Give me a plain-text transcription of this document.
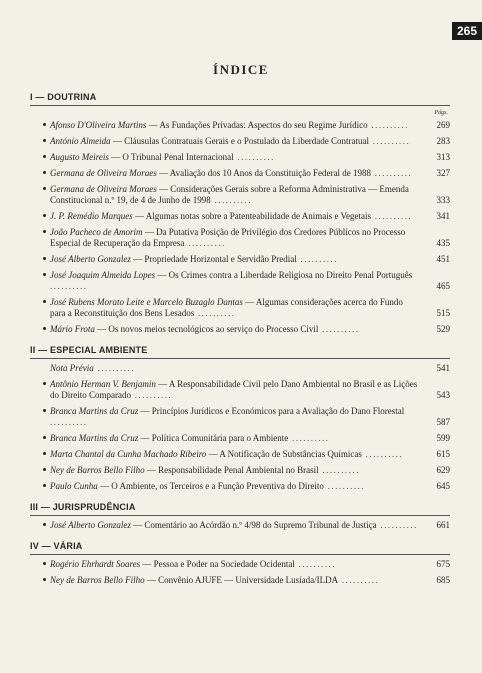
265
ÍNDICE
I — DOUTRINA
Págs.
Afonso D'Oliveira Martins — As Fundações Privadas: Aspectos do seu Regime Jurídico ..........	269
António Almeida — Cláusulas Contratuais Gerais e o Postulado da Liberdade Contratual ..........	283
Augusto Meireis — O Tribunal Penal Internacional ..........	313
Germana de Oliveira Moraes — Avaliação dos 10 Anos da Constituição Federal de 1988 ..........	327
Germana de Oliveira Moraes — Considerações Gerais sobre a Reforma Administrativa — Emenda Constitucional n.º 19, de 4 de Junho de 1998 ..........	333
J. P. Remédio Marques — Algumas notas sobre a Patenteabilidade de Animais e Vegetais ..........	341
João Pacheco de Amorim — Da Putativa Posição de Privilégio dos Credores Públicos no Processo Especial de Recuperação da Empresa ..........	435
José Alberto Gonzalez — Propriedade Horizontal e Servidão Predial ..........	451
José Joaquim Almeida Lopes — Os Crimes contra a Liberdade Religiosa no Direito Penal Português ..........	465
José Rubens Morato Leite e Marcelo Buzaglo Dantas — Algumas considerações acerca do Fundo para a Reconstituição dos Bens Lesados ..........	515
Mário Frota — Os novos meios tecnológicos ao serviço do Processo Civil ..........	529
II — ESPECIAL AMBIENTE
Nota Prévia ..........	541
Antônio Herman V. Benjamin — A Responsabilidade Civil pelo Dano Ambiental no Brasil e as Lições do Direito Comparado ..........	543
Branca Martins da Cruz — Princípios Jurídicos e Económicos para a Avaliação do Dano Florestal ..........	587
Branca Martins da Cruz — Política Comunitária para o Ambiente ..........	599
Marta Chantal da Cunha Machado Ribeiro — A Notificação de Substâncias Químicas ..........	615
Ney de Barros Bello Filho — Responsabilidade Penal Ambiental no Brasil ..........	629
Paulo Cunha — O Ambiente, os Terceiros e a Função Preventiva do Direito ..........	645
III — JURISPRUDÊNCIA
José Alberto Gonzalez — Comentário ao Acórdão n.º 4/98 do Supremo Tribunal de Justiça ..........	661
IV — VÁRIA
Rogério Ehrhardt Soares — Pessoa e Poder na Sociedade Ocidental ..........	675
Ney de Barros Bello Filho — Convênio AJUFE — Universidade Lusíada/ILDA ..........	685
